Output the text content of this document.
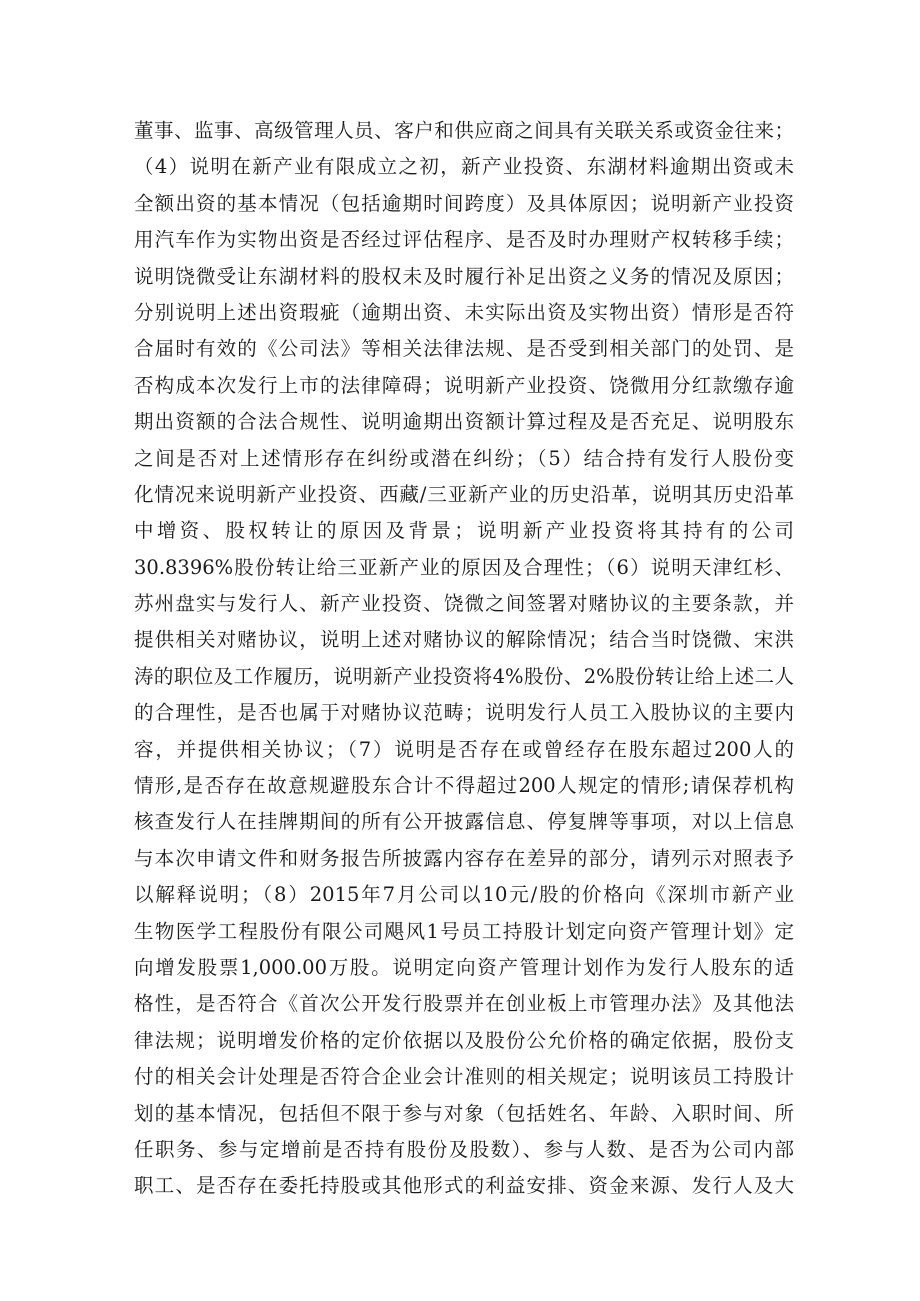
董事、监事、高级管理人员、客户和供应商之间具有关联关系或资金往来；
（4）说明在新产业有限成立之初，新产业投资、东湖材料逾期出资或未
全额出资的基本情况（包括逾期时间跨度）及具体原因；说明新产业投资
用汽车作为实物出资是否经过评估程序、是否及时办理财产权转移手续；
说明饶微受让东湖材料的股权未及时履行补足出资之义务的情况及原因；
分别说明上述出资瑕疵（逾期出资、未实际出资及实物出资）情形是否符
合届时有效的《公司法》等相关法律法规、是否受到相关部门的处罚、是
否构成本次发行上市的法律障碍；说明新产业投资、饶微用分红款缴存逾
期出资额的合法合规性、说明逾期出资额计算过程及是否充足、说明股东
之间是否对上述情形存在纠纷或潜在纠纷；（5）结合持有发行人股份变
化情况来说明新产业投资、西藏/三亚新产业的历史沿革，说明其历史沿革
中增资、股权转让的原因及背景；说明新产业投资将其持有的公司
30.8396%股份转让给三亚新产业的原因及合理性；（6）说明天津红杉、
苏州盘实与发行人、新产业投资、饶微之间签署对赌协议的主要条款，并
提供相关对赌协议，说明上述对赌协议的解除情况；结合当时饶微、宋洪
涛的职位及工作履历，说明新产业投资将4%股份、2%股份转让给上述二人
的合理性，是否也属于对赌协议范畴；说明发行人员工入股协议的主要内
容，并提供相关协议；（7）说明是否存在或曾经存在股东超过200人的
情形,是否存在故意规避股东合计不得超过200人规定的情形;请保荐机构
核查发行人在挂牌期间的所有公开披露信息、停复牌等事项，对以上信息
与本次申请文件和财务报告所披露内容存在差异的部分，请列示对照表予
以解释说明；（8）2015年7月公司以10元/股的价格向《深圳市新产业
生物医学工程股份有限公司飓风1号员工持股计划定向资产管理计划》定
向增发股票1,000.00万股。说明定向资产管理计划作为发行人股东的适
格性，是否符合《首次公开发行股票并在创业板上市管理办法》及其他法
律法规；说明增发价格的定价依据以及股份公允价格的确定依据，股份支
付的相关会计处理是否符合企业会计准则的相关规定；说明该员工持股计
划的基本情况，包括但不限于参与对象（包括姓名、年龄、入职时间、所
任职务、参与定增前是否持有股份及股数）、参与人数、是否为公司内部
职工、是否存在委托持股或其他形式的利益安排、资金来源、发行人及大
